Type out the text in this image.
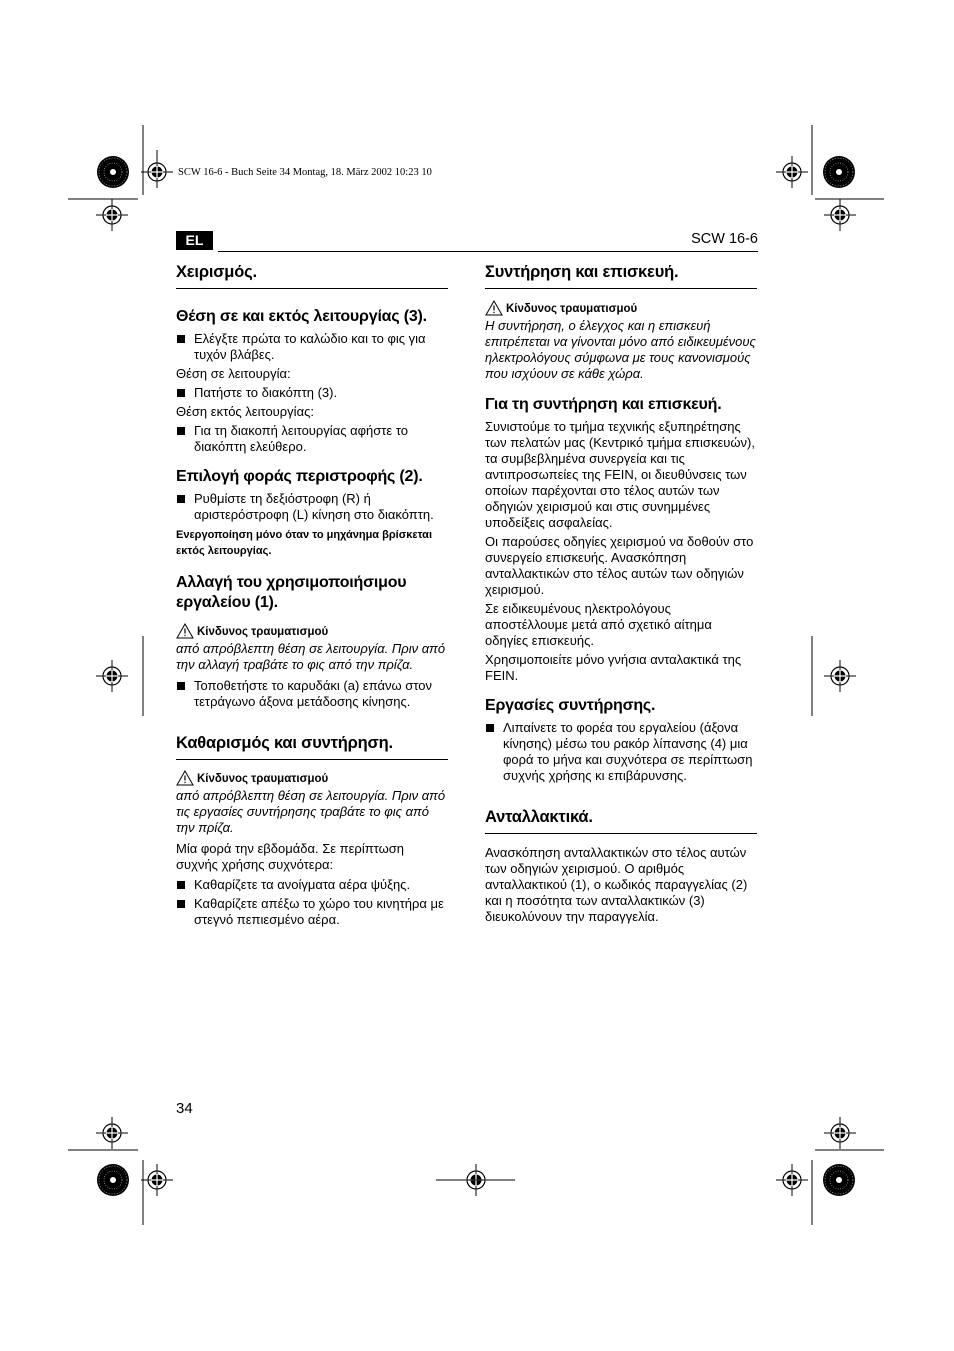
SCW 16-6 - Buch Seite 34 Montag, 18. März 2002 10:23 10
EL	SCW 16-6
Χειρισμός.
Θέση σε και εκτός λειτουργίας (3).
Ελέγξτε πρώτα το καλώδιο και το φις για τυχόν βλάβες.

Θέση σε λειτουργία:

Πατήστε το διακόπτη (3).

Θέση εκτός λειτουργίας:

Για τη διακοπή λειτουργίας αφήστε το διακόπτη ελεύθερο.
Επιλογή φοράς περιστροφής (2).
Ρυθμίστε τη δεξιόστροφη (R) ή αριστερόστροφη (L) κίνηση στο διακόπτη.

Ενεργοποίηση μόνο όταν το μηχάνημα βρίσκεται εκτός λειτουργίας.

Αλλαγή του χρησιμοποιήσιμου εργαλείου (1).
Κίνδυνος τραυματισμού

από απρόβλεπτη θέση σε λειτουργία. Πριν από την αλλαγή τραβάτε το φις από την πρίζα.

Τοποθετήστε το καρυδάκι (a) επάνω στον τετράγωνο άξονα μετάδοσης κίνησης.
Καθαρισμός και συντήρηση.
Κίνδυνος τραυματισμού

από απρόβλεπτη θέση σε λειτουργία. Πριν από τις εργασίες συντήρησης τραβάτε το φις από την πρίζα.

Μία φορά την εβδομάδα. Σε περίπτωση συχνής χρήσης συχνότερα:

Καθαρίζετε τα ανοίγματα αέρα ψύξης.
Καθαρίζετε απέξω το χώρο του κινητήρα με στεγνό πεπιεσμένο αέρα.
Συντήρηση και επισκευή.
Κίνδυνος τραυματισμού

Η συντήρηση, ο έλεγχος και η επισκευή επιτρέπεται να γίνονται μόνο από ειδικευμένους ηλεκτρολόγους σύμφωνα με τους κανονισμούς που ισχύουν σε κάθε χώρα.

Για τη συντήρηση και επισκευή.

Συνιστούμε το τμήμα τεχνικής εξυπηρέτησης των πελατών μας (Κεντρικό τμήμα επισκευών), τα συμβεβλημένα συνεργεία και τις αντιπροσωπείες της FEIN, οι διευθύνσεις των οποίων παρέχονται στο τέλος αυτών των οδηγιών χειρισμού και στις συνημμένες υποδείξεις ασφαλείας.

Οι παρούσες οδηγίες χειρισμού να δοθούν στο συνεργείο επισκευής. Ανασκόπηση ανταλλακτικών στο τέλος αυτών των οδηγιών χειρισμού.

Σε ειδικευμένους ηλεκτρολόγους αποστέλλουμε μετά από σχετικό αίτημα οδηγίες επισκευής.

Χρησιμοποιείτε μόνο γνήσια ανταλακτικά της FEIN.

Εργασίες συντήρησης.
Λιπαίνετε το φορέα του εργαλείου (άξονα κίνησης) μέσω του ρακόρ λίπανσης (4) μια φορά το μήνα και συχνότερα σε περίπτωση συχνής χρήσης κι επιβάρυνσης.
Ανταλλακτικά.

Ανασκόπηση ανταλλακτικών στο τέλος αυτών των οδηγιών χειρισμού. Ο αριθμός ανταλλακτικού (1), ο κωδικός παραγγελίας (2) και η ποσότητα των ανταλλακτικών (3) διευκολύνουν την παραγγελία.

34
